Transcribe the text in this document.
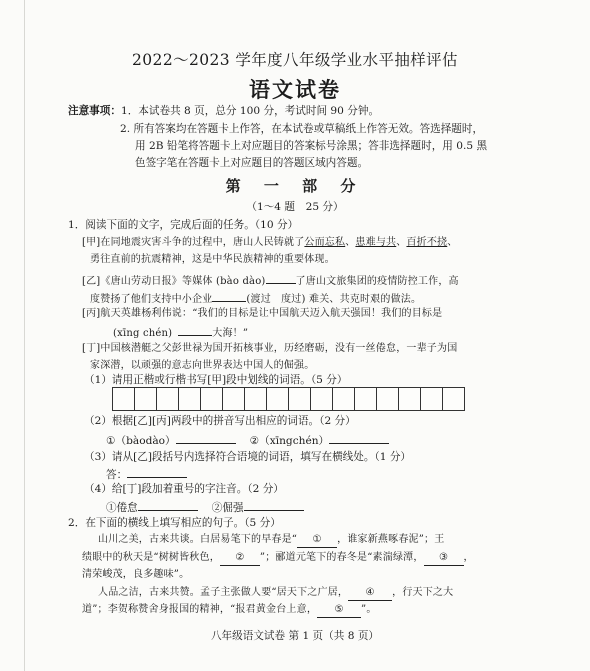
2022～2023 学年度八年级学业水平抽样评估
语文试卷
注意事项：1．本试卷共 8 页，总分 100 分，考试时间 90 分钟。
2. 所有答案均在答题卡上作答，在本试卷或草稿纸上作答无效。答选择题时，
用 2B 铅笔将答题卡上对应题目的答案标号涂黑；答非选择题时，用 0.5 黑
色签字笔在答题卡上对应题目的答题区域内答题。
第 一 部 分
（1～4 题　25 分）
1．阅读下面的文字，完成后面的任务。（10 分）
[甲]在同地震灾害斗争的过程中，唐山人民铸就了公而忘私、患难与共、百折不挠、
勇往直前的抗震精神，这是中华民族精神的重要体现。
[乙]《唐山劳动日报》等媒体 (bào dào)	了唐山文旅集团的疫情防控工作，高
度赞扬了他们支持中小企业	(渡过　度过) 难关、共克时艰的做法。
[丙]航天英雄杨利伟说：“我们的目标是让中国航天迈入航天强国！我们的目标是
(xīng chén)	大海！”
[丁]中国核潜艇之父彭世禄为国开拓核事业，历经磨砺，没有一丝倦怠，一辈子为国
家深潜，以顽强的意志向世界表达中国人的倔强。
（1）请用正楷或行楷书写[甲]段中划线的词语。（5 分）
（2）根据[乙][丙]两段中的拼音写出相应的词语。（2 分）
①（bàodào）	②（xīngchén）
（3）请从[乙]段括号内选择符合语境的词语，填写在横线处。（1 分）
答：
（4）给[丁]段加着重号的字注音。（2 分）
①倦怠	②倔强
2．在下面的横线上填写相应的句子。（5 分）
山川之美，古来共谈。白居易笔下的早春是“ ① ，谁家新燕啄春泥”；王
绩眼中的秋天是“树树皆秋色， ② ”；郦道元笔下的春冬是“素湍绿潭， ③ ，
清荣峻茂，良多趣味”。
人品之洁，古来共赞。孟子主张做人要“居天下之广居， ④ ，行天下之大
道”；李贺称赞舍身报国的精神，“报君黄金台上意， ⑤ ”。
八年级语文试卷 第 1 页（共 8 页）
